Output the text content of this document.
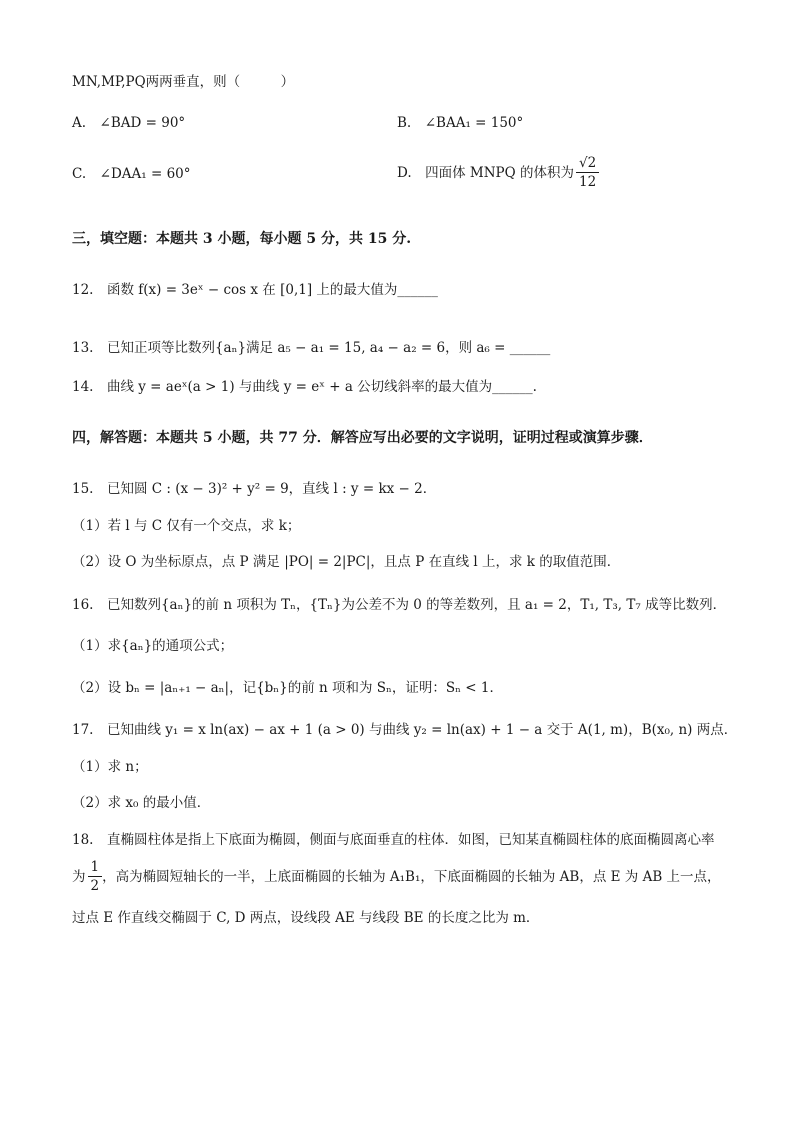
MN,MP,PQ两两垂直，则（　　　）
A.　∠BAD = 90°	B.　∠BAA₁ = 150°
C.　∠DAA₁ = 60°	D.　四面体 MNPQ 的体积为 $\frac{√2}{12}$
三，填空题：本题共 3 小题，每小题 5 分，共 15 分.
12.　函数 f(x) = 3eˣ − cos x 在 [0,1] 上的最大值为______
13.　已知正项等比数列{aₙ}满足 a₅ − a₁ = 15, a₄ − a₂ = 6，则 a₆ = ______
14.　曲线 y = aeˣ(a > 1) 与曲线 y = eˣ + a 公切线斜率的最大值为______.
四，解答题：本题共 5 小题，共 77 分．解答应写出必要的文字说明，证明过程或演算步骤．
15.　已知圆 C : (x − 3)² + y² = 9，直线 l : y = kx − 2．
（1）若 l 与 C 仅有一个交点，求 k；
（2）设 O 为坐标原点，点 P 满足 |PO| = 2|PC|，且点 P 在直线 l 上，求 k 的取值范围．
16.　已知数列{aₙ}的前 n 项积为 Tₙ，{Tₙ}为公差不为 0 的等差数列，且 a₁ = 2，T₁, T₃, T₇ 成等比数列．
（1）求{aₙ}的通项公式；
（2）设 bₙ = |aₙ₊₁ − aₙ|，记{bₙ}的前 n 项和为 Sₙ，证明：Sₙ < 1．
17.　已知曲线 y₁ = x ln(ax) − ax + 1 (a > 0) 与曲线 y₂ = ln(ax) + 1 − a 交于 A(1, m)，B(x₀, n) 两点．
（1）求 n；
（2）求 x₀ 的最小值．
18.　直椭圆柱体是指上下底面为椭圆，侧面与底面垂直的柱体．如图，已知某直椭圆柱体的底面椭圆离心率
为 $\frac{1}{2}$ ，高为椭圆短轴长的一半，上底面椭圆的长轴为 A₁B₁，下底面椭圆的长轴为 AB，点 E 为 AB 上一点，
过点 E 作直线交椭圆于 C, D 两点，设线段 AE 与线段 BE 的长度之比为 m．
